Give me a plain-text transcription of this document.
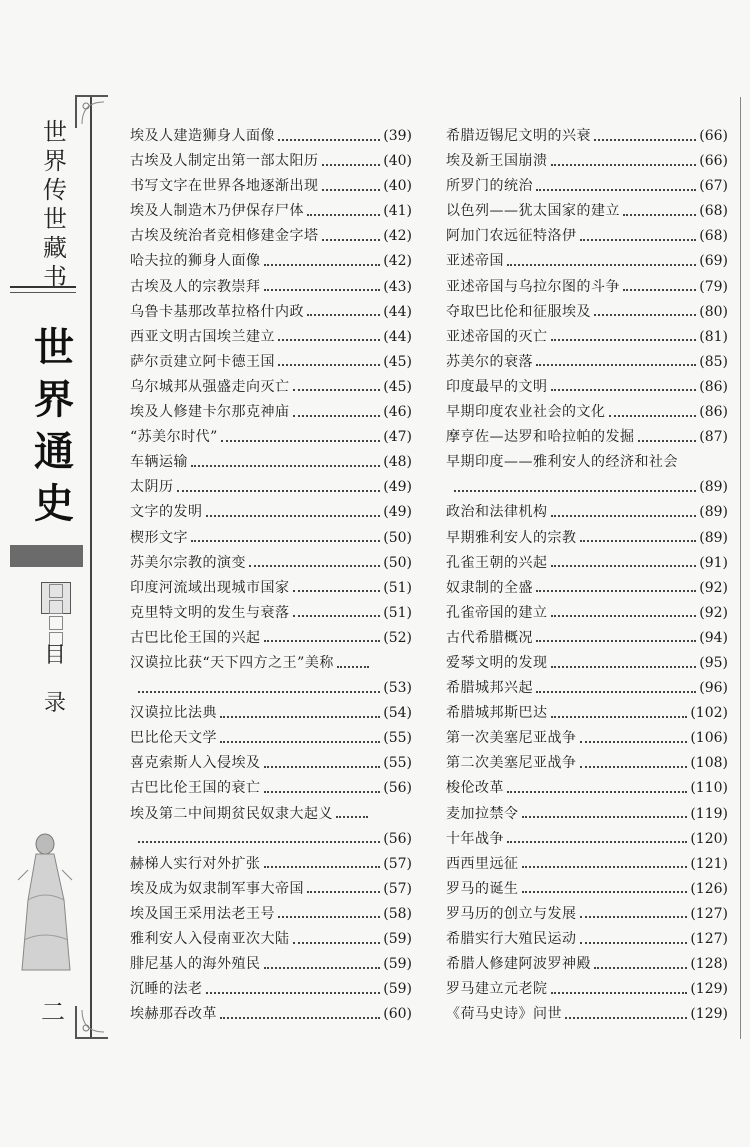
世
界
传
世
藏
书
世
界
通
史
目
录
二
埃及人建造狮身人面像	(39)
古埃及人制定出第一部太阳历	(40)
书写文字在世界各地逐渐出现	(40)
埃及人制造木乃伊保存尸体	(41)
古埃及统治者竞相修建金字塔	(42)
哈夫拉的狮身人面像	(42)
古埃及人的宗教崇拜	(43)
乌鲁卡基那改革拉格什内政	(44)
西亚文明古国埃兰建立	(44)
萨尔贡建立阿卡德王国	(45)
乌尔城邦从强盛走向灭亡	(45)
埃及人修建卡尔那克神庙	(46)
“苏美尔时代”	(47)
车辆运输	(48)
太阴历	(49)
文字的发明	(49)
楔形文字	(50)
苏美尔宗教的演变	(50)
印度河流域出现城市国家	(51)
克里特文明的发生与衰落	(51)
古巴比伦王国的兴起	(52)
汉谟拉比获“天下四方之王”美称
(53)
汉谟拉比法典	(54)
巴比伦天文学	(55)
喜克索斯人入侵埃及	(55)
古巴比伦王国的衰亡	(56)
埃及第二中间期贫民奴隶大起义
(56)
赫梯人实行对外扩张	(57)
埃及成为奴隶制军事大帝国	(57)
埃及国王采用法老王号	(58)
雅利安人入侵南亚次大陆	(59)
腓尼基人的海外殖民	(59)
沉睡的法老	(59)
埃赫那吞改革	(60)
希腊迈锡尼文明的兴衰	(66)
埃及新王国崩溃	(66)
所罗门的统治	(67)
以色列——犹太国家的建立	(68)
阿加门农远征特洛伊	(68)
亚述帝国	(69)
亚述帝国与乌拉尔图的斗争	(79)
夺取巴比伦和征服埃及	(80)
亚述帝国的灭亡	(81)
苏美尔的衰落	(85)
印度最早的文明	(86)
早期印度农业社会的文化	(86)
摩亨佐—达罗和哈拉帕的发掘	(87)
早期印度——雅利安人的经济和社会
(89)
政治和法律机构	(89)
早期雅利安人的宗教	(89)
孔雀王朝的兴起	(91)
奴隶制的全盛	(92)
孔雀帝国的建立	(92)
古代希腊概况	(94)
爱琴文明的发现	(95)
希腊城邦兴起	(96)
希腊城邦斯巴达	(102)
第一次美塞尼亚战争	(106)
第二次美塞尼亚战争	(108)
梭伦改革	(110)
麦加拉禁令	(119)
十年战争	(120)
西西里远征	(121)
罗马的诞生	(126)
罗马历的创立与发展	(127)
希腊实行大殖民运动	(127)
希腊人修建阿波罗神殿	(128)
罗马建立元老院	(129)
《荷马史诗》问世	(129)
